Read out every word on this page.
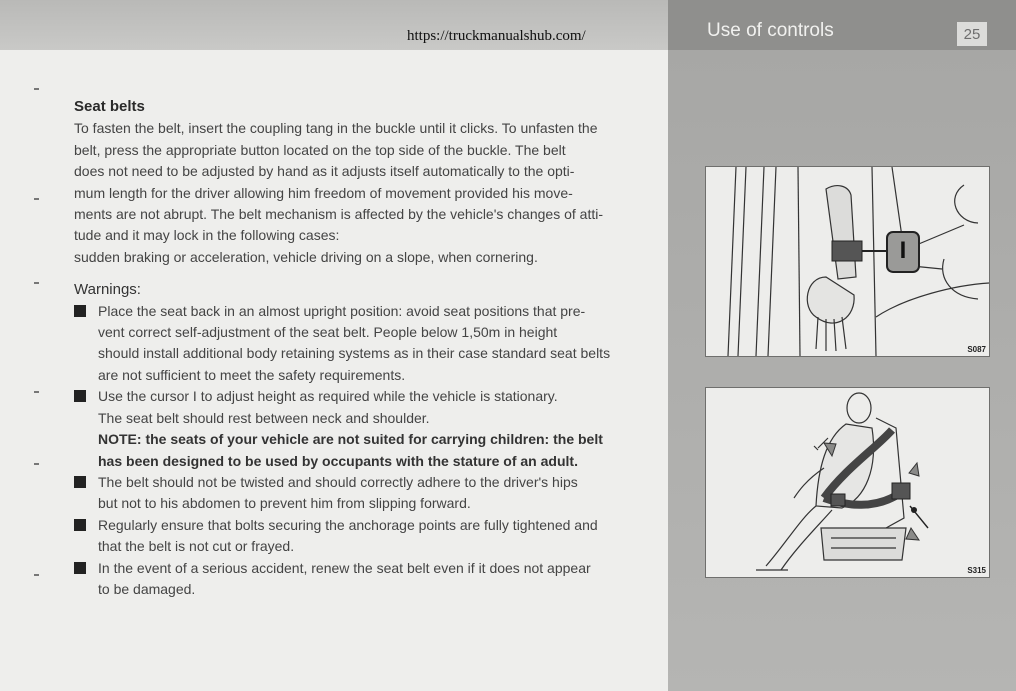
https://truckmanualshub.com/	Use of controls	25
Seat belts

To fasten the belt, insert the coupling tang in the buckle until it clicks. To unfasten the

belt, press the appropriate button located on the top side of the buckle. The belt

does not need to be adjusted by hand as it adjusts itself automatically to the opti-

mum length for the driver allowing him freedom of movement provided his move-

ments are not abrupt. The belt mechanism is affected by the vehicle's changes of atti-

tude and it may lock in the following cases:

sudden braking or acceleration, vehicle driving on a slope, when cornering.

Warnings:

Place the seat back in an almost upright position: avoid seat positions that pre-

vent correct self-adjustment of the seat belt. People below 1,50m in height

should install additional body retaining systems as in their case standard seat belts

are not sufficient to meet the safety requirements.

Use the cursor I to adjust height as required while the vehicle is stationary.

The seat belt should rest between neck and shoulder.

NOTE: the seats of your vehicle are not suited for carrying children: the belt

has been designed to be used by occupants with the stature of an adult.

The belt should not be twisted and should correctly adhere to the driver's hips

but not to his abdomen to prevent him from slipping forward.

Regularly ensure that bolts securing the anchorage points are fully tightened and

that the belt is not cut or frayed.

In the event of a serious accident, renew the seat belt even if it does not appear

to be damaged.

I
S087
S315
